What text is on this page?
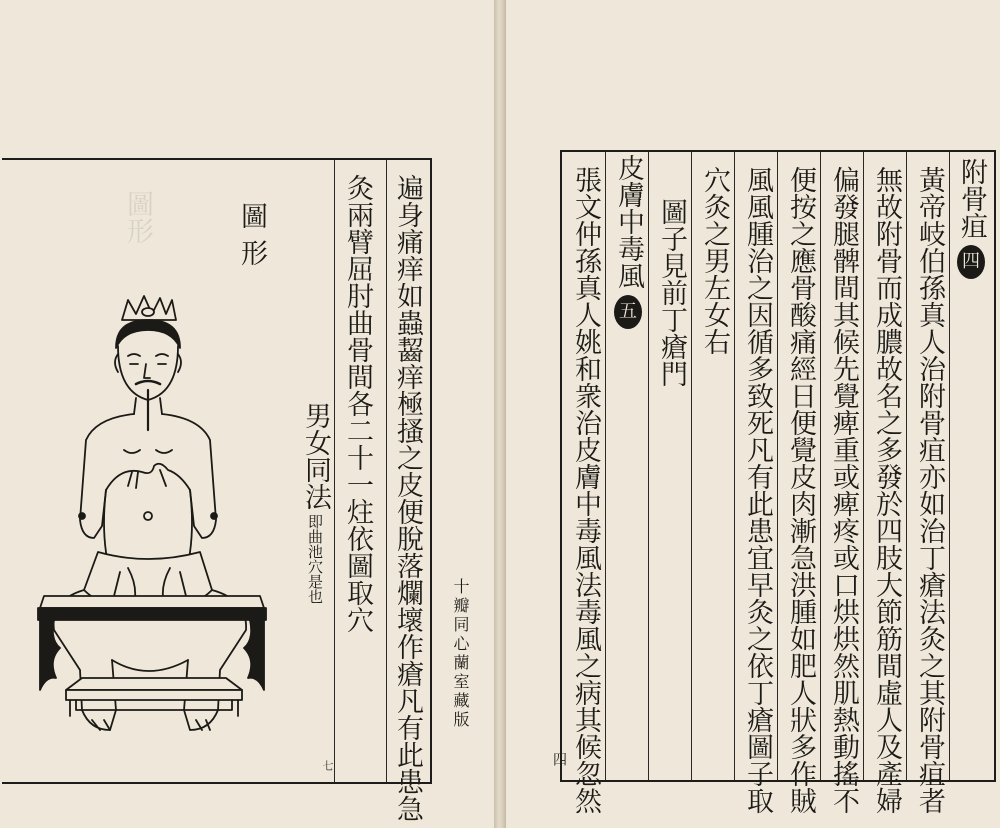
圖形	圖形	遍身痛痒如蟲齧痒極搔之皮便脫落爛壞作瘡凡有此患急
灸兩臂屈肘曲骨間各二十一炷依圖取穴
男女同法
即曲池穴是也
七
十瓣同心蘭室藏版
四
附骨疽四
黃帝岐伯孫真人治附骨疽亦如治丁瘡法灸之其附骨疽者
無故附骨而成膿故名之多發於四肢大節筋間虛人及產婦
偏發腿髀間其候先覺痺重或痺疼或口烘烘然肌熱動搖不
便按之應骨酸痛經日便覺皮肉漸急洪腫如肥人狀多作賊
風風腫治之因循多致死凡有此患宜早灸之依丁瘡圖子取
穴灸之男左女右
圖子見前丁瘡門
皮膚中毒風五
張文仲孫真人姚和衆治皮膚中毒風法毒風之病其候忽然
